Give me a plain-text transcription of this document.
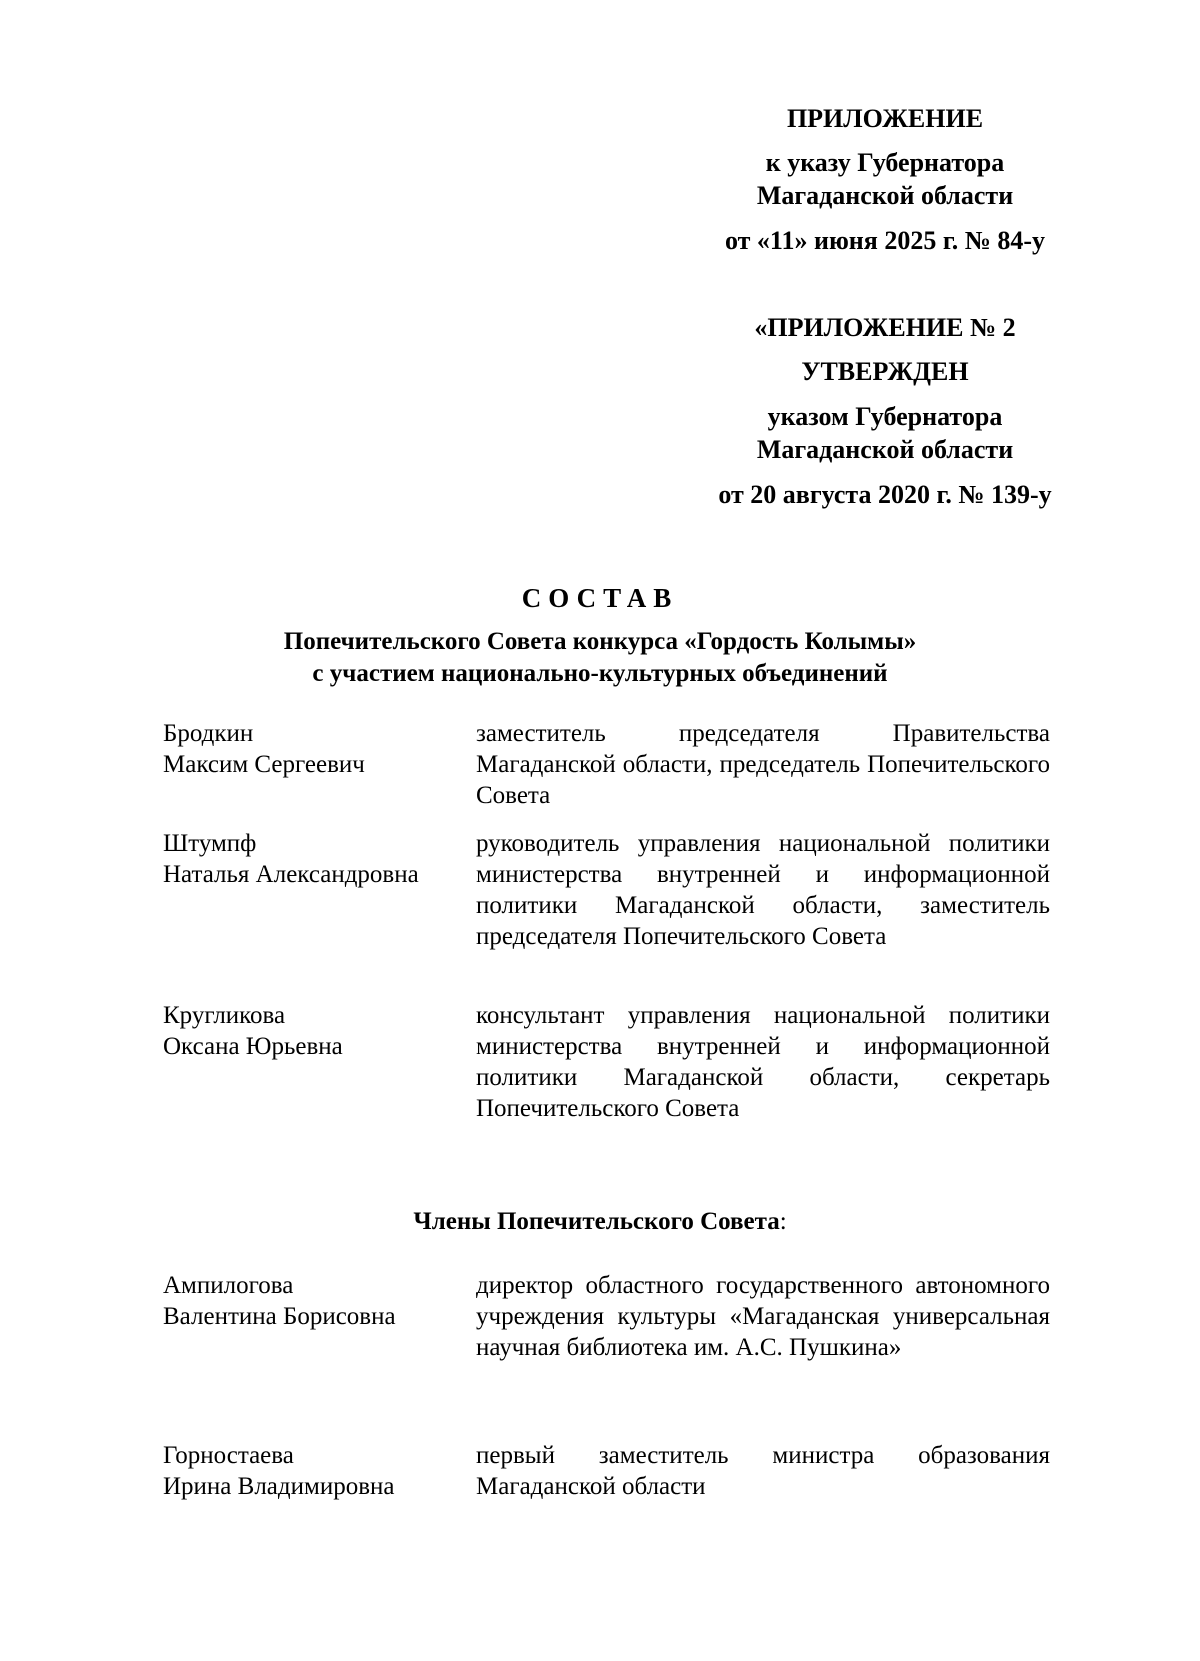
ПРИЛОЖЕНИЕ
к указу Губернатора
Магаданской области
от «11» июня 2025 г. № 84-у
«ПРИЛОЖЕНИЕ № 2
УТВЕРЖДЕН
указом Губернатора
Магаданской области
от 20 августа 2020 г. № 139-у
СОСТАВ
Попечительского Совета конкурса «Гордость Колымы»
с участием национально-культурных объединений
Бродкин
Максим Сергеевич
заместитель председателя Правительства Магаданской области, председатель Попечительского Совета
Штумпф
Наталья Александровна
руководитель управления национальной политики министерства внутренней и информационной политики Магаданской области, заместитель председателя Попечительского Совета
Кругликова
Оксана Юрьевна
консультант управления национальной политики министерства внутренней и информационной политики Магаданской области, секретарь Попечительского Совета
Члены Попечительского Совета:
Ампилогова
Валентина Борисовна
директор областного государственного автономного учреждения культуры «Магаданская универсальная научная библиотека им. А.С. Пушкина»
Горностаева
Ирина Владимировна
первый заместитель министра образования Магаданской области
